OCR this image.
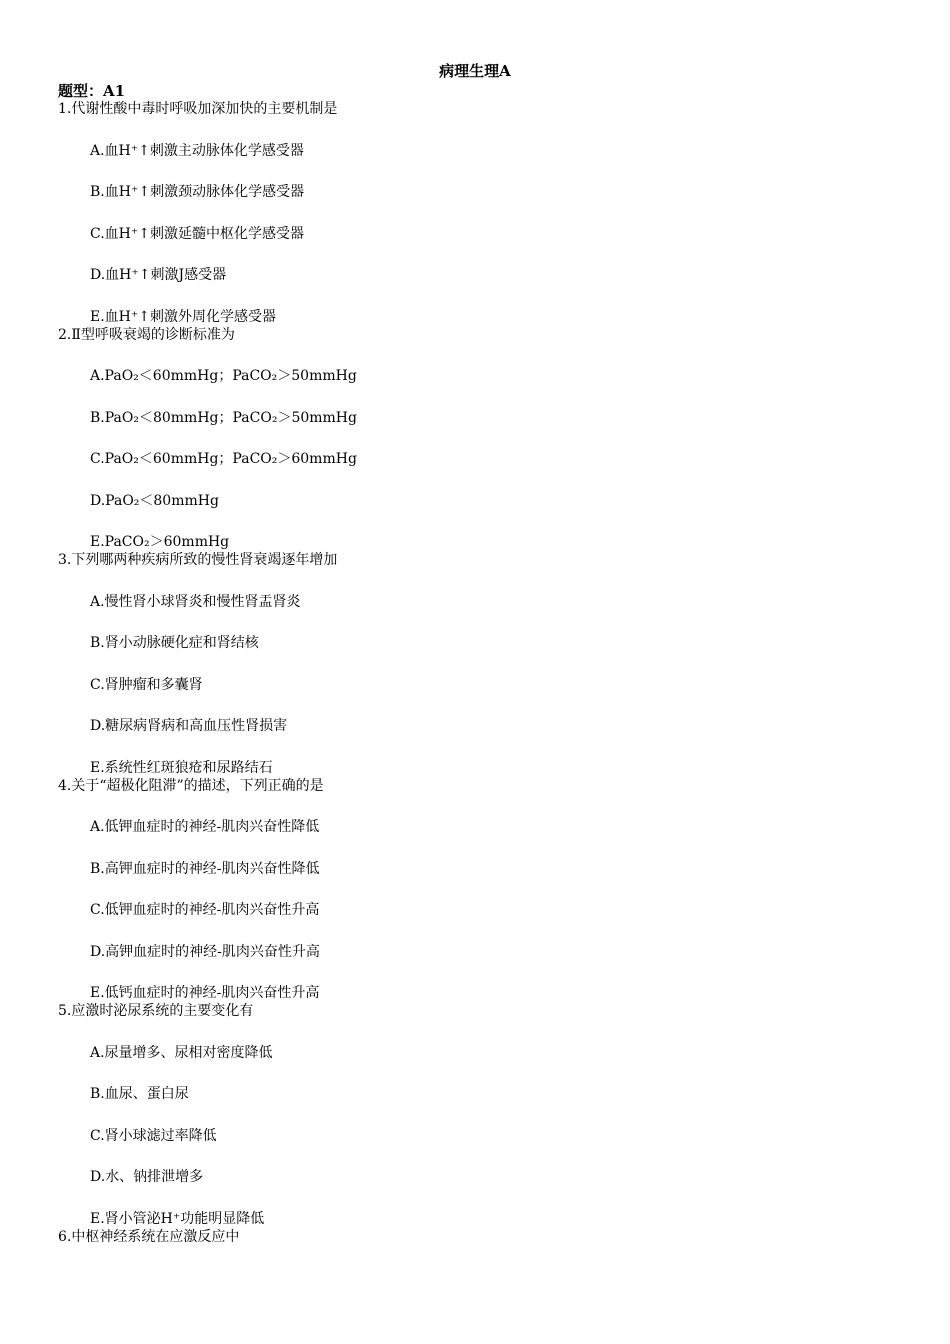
病理生理A
题型：A1
1.代谢性酸中毒时呼吸加深加快的主要机制是
A.血H⁺↑刺激主动脉体化学感受器
B.血H⁺↑刺激颈动脉体化学感受器
C.血H⁺↑刺激延髓中枢化学感受器
D.血H⁺↑刺激J感受器
E.血H⁺↑刺激外周化学感受器
2.Ⅱ型呼吸衰竭的诊断标准为
A.PaO₂＜60mmHg；PaCO₂＞50mmHg
B.PaO₂＜80mmHg；PaCO₂＞50mmHg
C.PaO₂＜60mmHg；PaCO₂＞60mmHg
D.PaO₂＜80mmHg
E.PaCO₂＞60mmHg
3.下列哪两种疾病所致的慢性肾衰竭逐年增加
A.慢性肾小球肾炎和慢性肾盂肾炎
B.肾小动脉硬化症和肾结核
C.肾肿瘤和多囊肾
D.糖尿病肾病和高血压性肾损害
E.系统性红斑狼疮和尿路结石
4.关于“超极化阻滞”的描述，下列正确的是
A.低钾血症时的神经-肌肉兴奋性降低
B.高钾血症时的神经-肌肉兴奋性降低
C.低钾血症时的神经-肌肉兴奋性升高
D.高钾血症时的神经-肌肉兴奋性升高
E.低钙血症时的神经-肌肉兴奋性升高
5.应激时泌尿系统的主要变化有
A.尿量增多、尿相对密度降低
B.血尿、蛋白尿
C.肾小球滤过率降低
D.水、钠排泄增多
E.肾小管泌H⁺功能明显降低
6.中枢神经系统在应激反应中
